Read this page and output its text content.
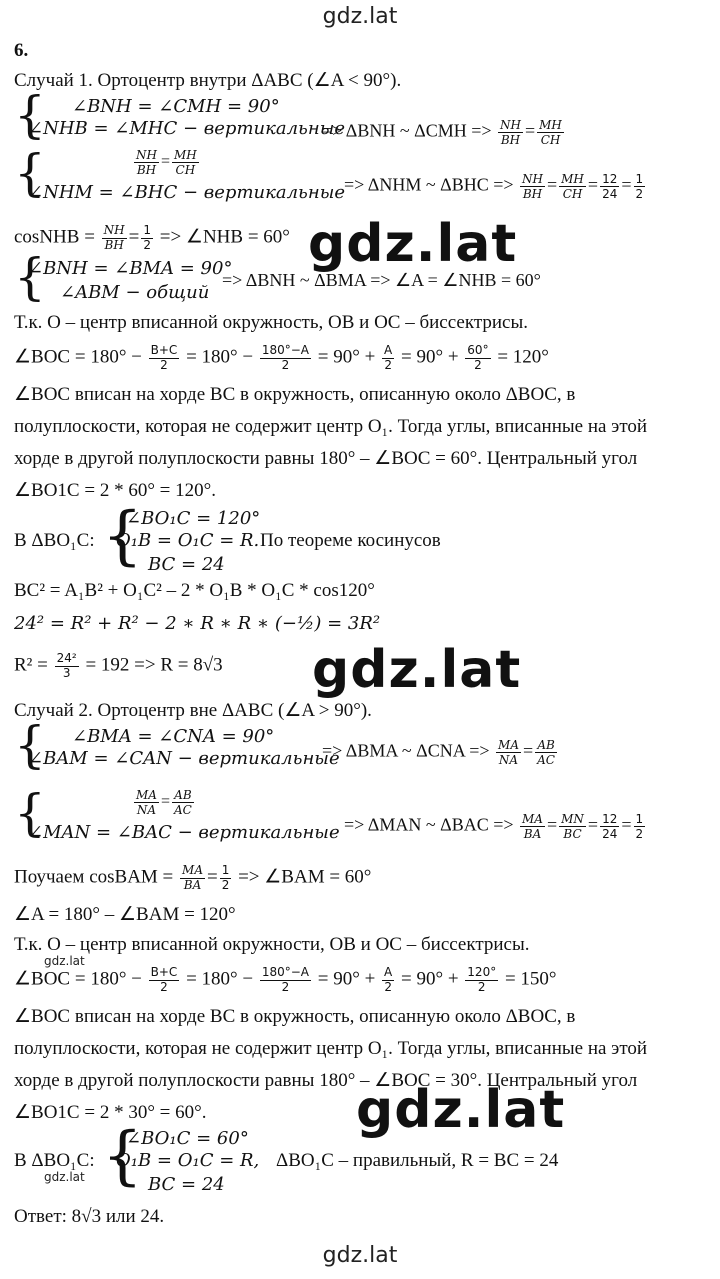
gdz.lat
6.
Случай 1. Ортоцентр внутри ΔABC (∠A < 90°).
{ ∠BNH = ∠CMH = 90°
∠NHB = ∠MHC − вертикальные
=> ΔBNH ~ $\Delta CMH => \frac{NH}{BH} = \frac{MH}{CH}$
{	$\frac{NH}{BH} = \frac{MH}{CH}$
∠NHM = ∠BHC − вертикальные
=> ΔNHM ~ $\Delta BHC => \frac{NH}{BH} = \frac{MH}{CH} = \frac{12}{24} = \frac{1}{2}$
cosNHB = $\frac{NH}{BH} = \frac{1}{2}$ => ∠NHB = 60° gdz.lat
{
∠BNH = ∠BMA = 90°
∠ABM − общий
=> ΔBNH ~ ΔBMA => ∠A = ∠NHB = 60°
Т.к. О – центр вписанной окружность, OB и OC – биссектрисы.
∠BOC = $180^\circ - \frac{B+C}{2} = 180^\circ - \frac{180^\circ-A}{2} = 90^\circ + \frac{A}{2} = 90^\circ + \frac{60^\circ}{2} = 120^\circ$
∠BOC вписан на хорде BC в окружность, описанную около ΔBOC, в
полуплоскости, которая не содержит центр O₁. Тогда углы, вписанные на этой
хорде в другой полуплоскости равны 180° – ∠BOC = 60°. Центральный угол
∠BO1C = 2 * 60° = 120°.
В ΔBO₁C: {
∠BO₁C = 120°
O₁B = O₁C = R. По теореме косинусов
BC = 24
BC² = A₁B² + O₁C² – 2 * O₁B * O₁C * cos120°
24² = R² + R² − 2 ∗ R ∗ R ∗ (−½) = 3R²
$R^2 = \frac{\text{24²}}{3} = 192 => R = 8√3$ gdz.lat
Случай 2. Ортоцентр вне ΔABC (∠A > 90°).
{ ∠BMA = ∠CNA = 90°
∠BAM = ∠CAN − вертикальные
=> ΔBMA ~ $\Delta CNA => \frac{MA}{NA} = \frac{AB}{AC}$
{	$\frac{MA}{NA} = \frac{AB}{AC}$
∠MAN = ∠BAC − вертикальные => ΔMAN ~ $\Delta BAC => \frac{MA}{BA} = \frac{MN}{BC} = \frac{12}{24} = \frac{1}{2}$
Поучаем cosBAM = $\frac{MA}{BA} = \frac{1}{2}$ => ∠BAM = 60°
∠A = 180° – ∠BAM = 120°
Т.к. О – центр вписанной окружности, OB и OC – биссектрисы.
gdz.lat
∠BOC = $180^\circ - \frac{B+C}{2} = 180^\circ - \frac{180^\circ-A}{2} = 90^\circ + \frac{A}{2} = 90^\circ + \frac{120^\circ}{2} = 150^\circ$
∠BOC вписан на хорде BC в окружность, описанную около ΔBOC, в
полуплоскости, которая не содержит центр O₁. Тогда углы, вписанные на этой
хорде в другой полуплоскости равны 180° – ∠BOC = 30°. Центральный угол
∠BO1C = 2 * 30° = 60°.	gdz.lat
В ΔBO₁C: {
∠BO₁C = 60°
O₁B = O₁C = R, ΔBO₁C – правильный, R = BC = 24
BC = 24
gdz.lat
Ответ: 8√3 или 24.
gdz.lat
